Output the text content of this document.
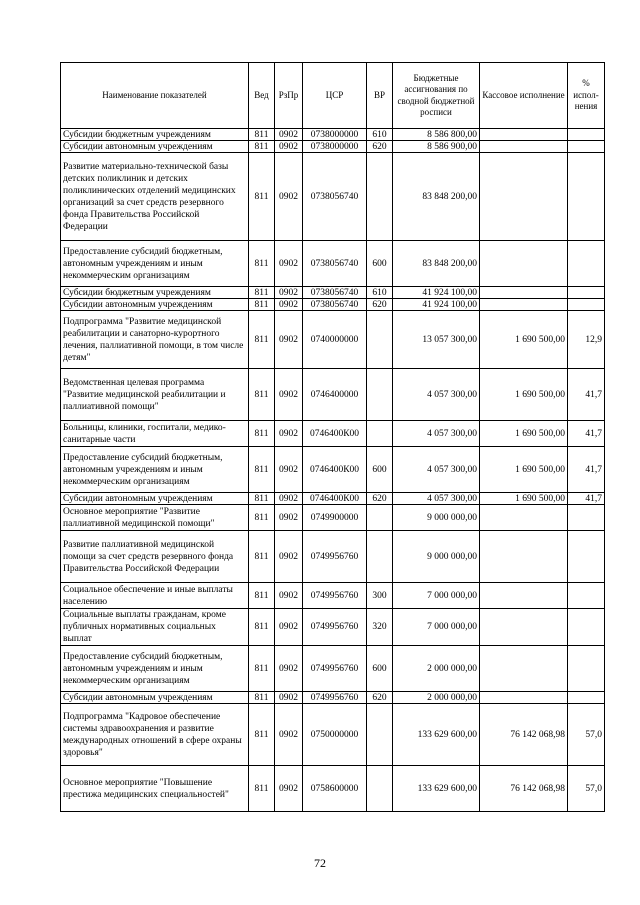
Наименование показателей	Вед	РзПр	ЦСР	ВР	Бюджетные ассигнования по сводной бюджетной росписи	Кассовое исполнение	% испол-нения
Субсидии бюджетным учреждениям	811	0902	0738000000	610	8 586 800,00		
Субсидии автономным учреждениям	811	0902	0738000000	620	8 586 900,00		
Развитие материально-технической базы детских поликлиник и детских поликлинических отделений медицинских организаций за счет средств резервного фонда Правительства Российской Федерации	811	0902	0738056740		83 848 200,00		
Предоставление субсидий бюджетным, автономным учреждениям и иным некоммерческим организациям	811	0902	0738056740	600	83 848 200,00		
Субсидии бюджетным учреждениям	811	0902	0738056740	610	41 924 100,00		
Субсидии автономным учреждениям	811	0902	0738056740	620	41 924 100,00		
Подпрограмма "Развитие медицинской реабилитации и санаторно-курортного лечения, паллиативной помощи, в том числе детям"	811	0902	0740000000		13 057 300,00	1 690 500,00	12,9
Ведомственная целевая программа "Развитие медицинской реабилитации и паллиативной помощи"	811	0902	0746400000		4 057 300,00	1 690 500,00	41,7
Больницы, клиники, госпитали, медико-санитарные части	811	0902	0746400К00		4 057 300,00	1 690 500,00	41,7
Предоставление субсидий бюджетным, автономным учреждениям и иным некоммерческим организациям	811	0902	0746400К00	600	4 057 300,00	1 690 500,00	41,7
Субсидии автономным учреждениям	811	0902	0746400К00	620	4 057 300,00	1 690 500,00	41,7
Основное мероприятие "Развитие паллиативной медицинской помощи"	811	0902	0749900000		9 000 000,00		
Развитие паллиативной медицинской помощи за счет средств резервного фонда Правительства Российской Федерации	811	0902	0749956760		9 000 000,00		
Социальное обеспечение и иные выплаты населению	811	0902	0749956760	300	7 000 000,00		
Социальные выплаты гражданам, кроме публичных нормативных социальных выплат	811	0902	0749956760	320	7 000 000,00		
Предоставление субсидий бюджетным, автономным учреждениям и иным некоммерческим организациям	811	0902	0749956760	600	2 000 000,00		
Субсидии автономным учреждениям	811	0902	0749956760	620	2 000 000,00		
Подпрограмма "Кадровое обеспечение системы здравоохранения и развитие международных отношений в сфере охраны здоровья"	811	0902	0750000000		133 629 600,00	76 142 068,98	57,0
Основное мероприятие "Повышение престижа медицинских специальностей"	811	0902	0758600000		133 629 600,00	76 142 068,98	57,0
72
